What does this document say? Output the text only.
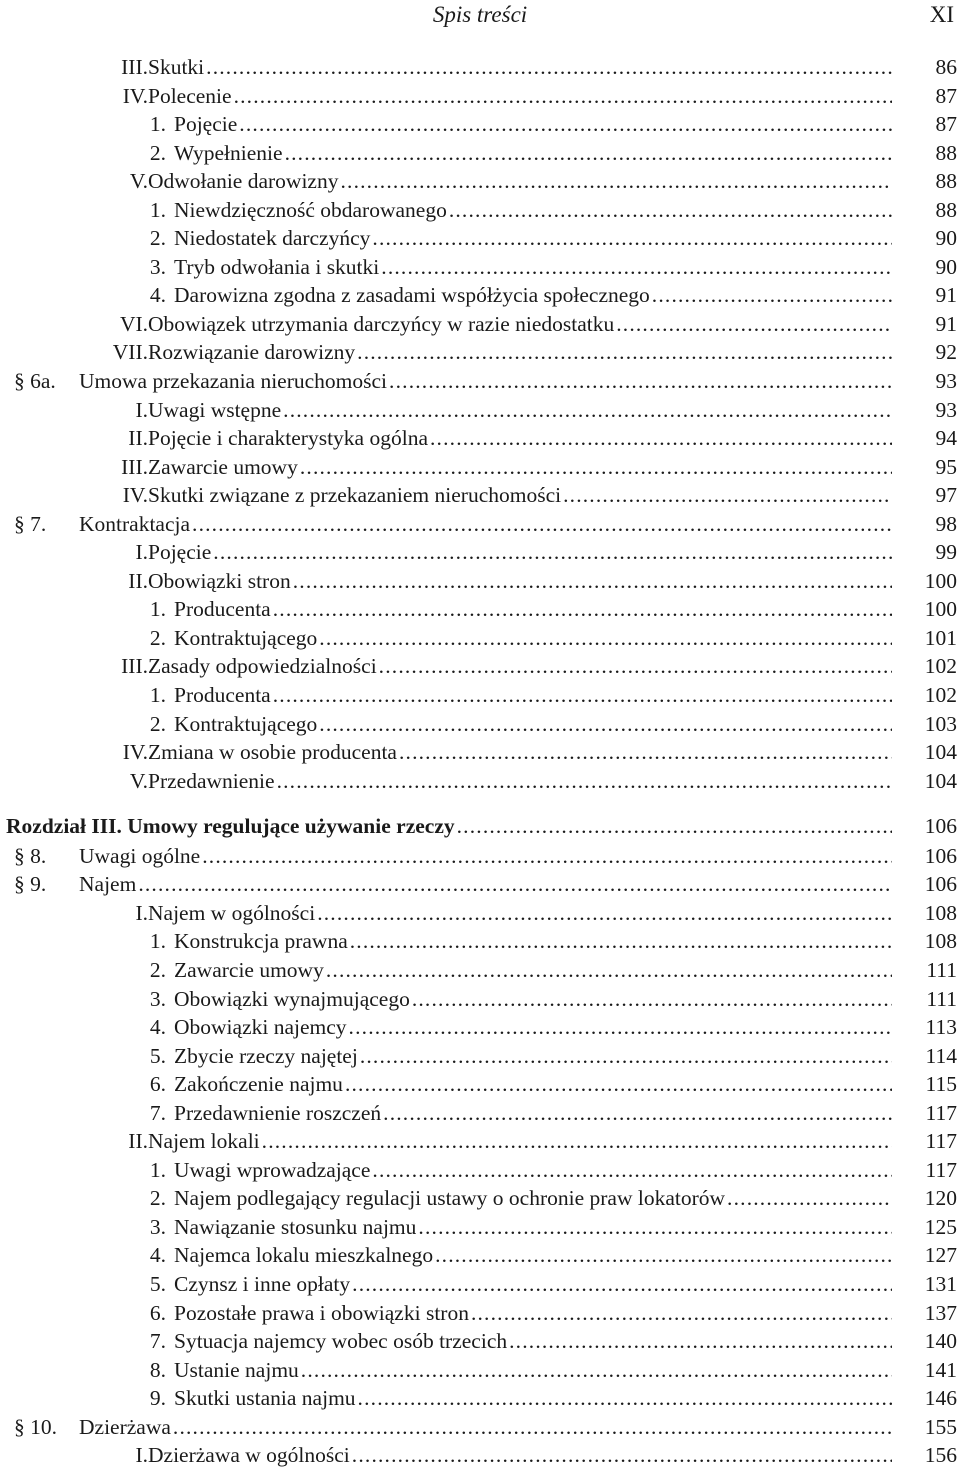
Spis treści	XI
III. Skutki . . .	86
IV. Polecenie . . .	87
1. Pojęcie . . .	87
2. Wypełnienie . . .	88
V. Odwołanie darowizny . . .	88
1. Niewdzięczność obdarowanego . . .	88
2. Niedostatek darczyńcy . . .	90
3. Tryb odwołania i skutki . . .	90
4. Darowizna zgodna z zasadami współżycia społecznego . . .	91
VI. Obowiązek utrzymania darczyńcy w razie niedostatku . . .	91
VII. Rozwiązanie darowizny . . .	92
§ 6a. Umowa przekazania nieruchomości . . .	93
I. Uwagi wstępne . . .	93
II. Pojęcie i charakterystyka ogólna . . .	94
III. Zawarcie umowy . . .	95
IV. Skutki związane z przekazaniem nieruchomości . . .	97
§ 7. Kontraktacja . . .	98
I. Pojęcie . . .	99
II. Obowiązki stron . . .	100
1. Producenta . . .	100
2. Kontraktującego . . .	101
III. Zasady odpowiedzialności . . .	102
1. Producenta . . .	102
2. Kontraktującego . . .	103
IV. Zmiana w osobie producenta . . .	104
V. Przedawnienie . . .	104
Rozdział III. Umowy regulujące używanie rzeczy . . .	106
§ 8. Uwagi ogólne . . .	106
§ 9. Najem . . .	106
I. Najem w ogólności . . .	108
1. Konstrukcja prawna . . .	108
2. Zawarcie umowy . . .	111
3. Obowiązki wynajmującego . . .	111
4. Obowiązki najemcy . . .	113
5. Zbycie rzeczy najętej . . .	114
6. Zakończenie najmu . . .	115
7. Przedawnienie roszczeń . . .	117
II. Najem lokali . . .	117
1. Uwagi wprowadzające . . .	117
2. Najem podlegający regulacji ustawy o ochronie praw lokatorów . . .	120
3. Nawiązanie stosunku najmu . . .	125
4. Najemca lokalu mieszkalnego . . .	127
5. Czynsz i inne opłaty . . .	131
6. Pozostałe prawa i obowiązki stron . . .	137
7. Sytuacja najemcy wobec osób trzecich . . .	140
8. Ustanie najmu . . .	141
9. Skutki ustania najmu . . .	146
§ 10. Dzierżawa . . .	155
I. Dzierżawa w ogólności . . .	156
